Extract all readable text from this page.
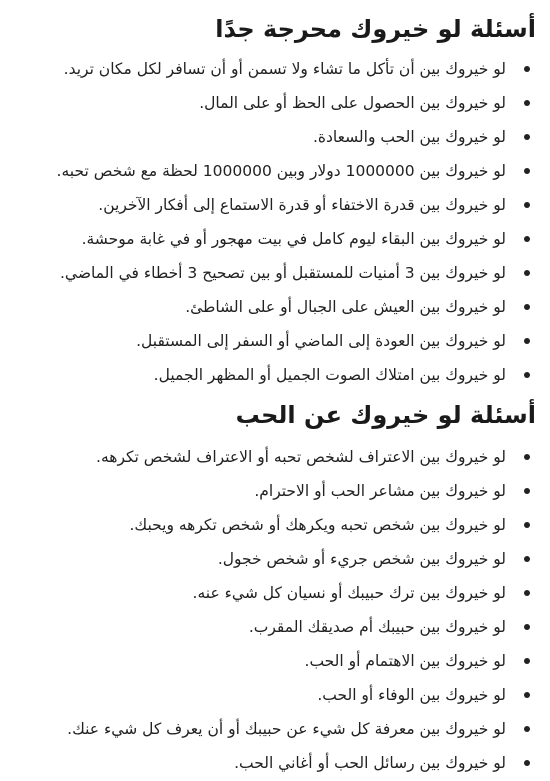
أسئلة لو خيروك محرجة جدًا
لو خيروك بين أن تأكل ما تشاء ولا تسمن أو أن تسافر لكل مكان تريد.
لو خيروك بين الحصول على الحظ أو على المال.
لو خيروك بين الحب والسعادة.
لو خيروك بين 1000000 دولار وبين 1000000 لحظة مع شخص تحبه.
لو خيروك بين قدرة الاختفاء أو قدرة الاستماع إلى أفكار الآخرين.
لو خيروك بين البقاء ليوم كامل في بيت مهجور أو في غابة موحشة.
لو خيروك بين 3 أمنيات للمستقبل أو بين تصحيح 3 أخطاء في الماضي.
لو خيروك بين العيش على الجبال أو على الشاطئ.
لو خيروك بين العودة إلى الماضي أو السفر إلى المستقبل.
لو خيروك بين امتلاك الصوت الجميل أو المظهر الجميل.
أسئلة لو خيروك عن الحب
لو خيروك بين الاعتراف لشخص تحبه أو الاعتراف لشخص تكرهه.
لو خيروك بين مشاعر الحب أو الاحترام.
لو خيروك بين شخص تحبه ويكرهك أو شخص تكرهه ويحبك.
لو خيروك بين شخص جريء أو شخص خجول.
لو خيروك بين ترك حبيبك أو نسيان كل شيء عنه.
لو خيروك بين حبيبك أم صديقك المقرب.
لو خيروك بين الاهتمام أو الحب.
لو خيروك بين الوفاء أو الحب.
لو خيروك بين معرفة كل شيء عن حبيبك أو أن يعرف كل شيء عنك.
لو خيروك بين رسائل الحب أو أغاني الحب.
